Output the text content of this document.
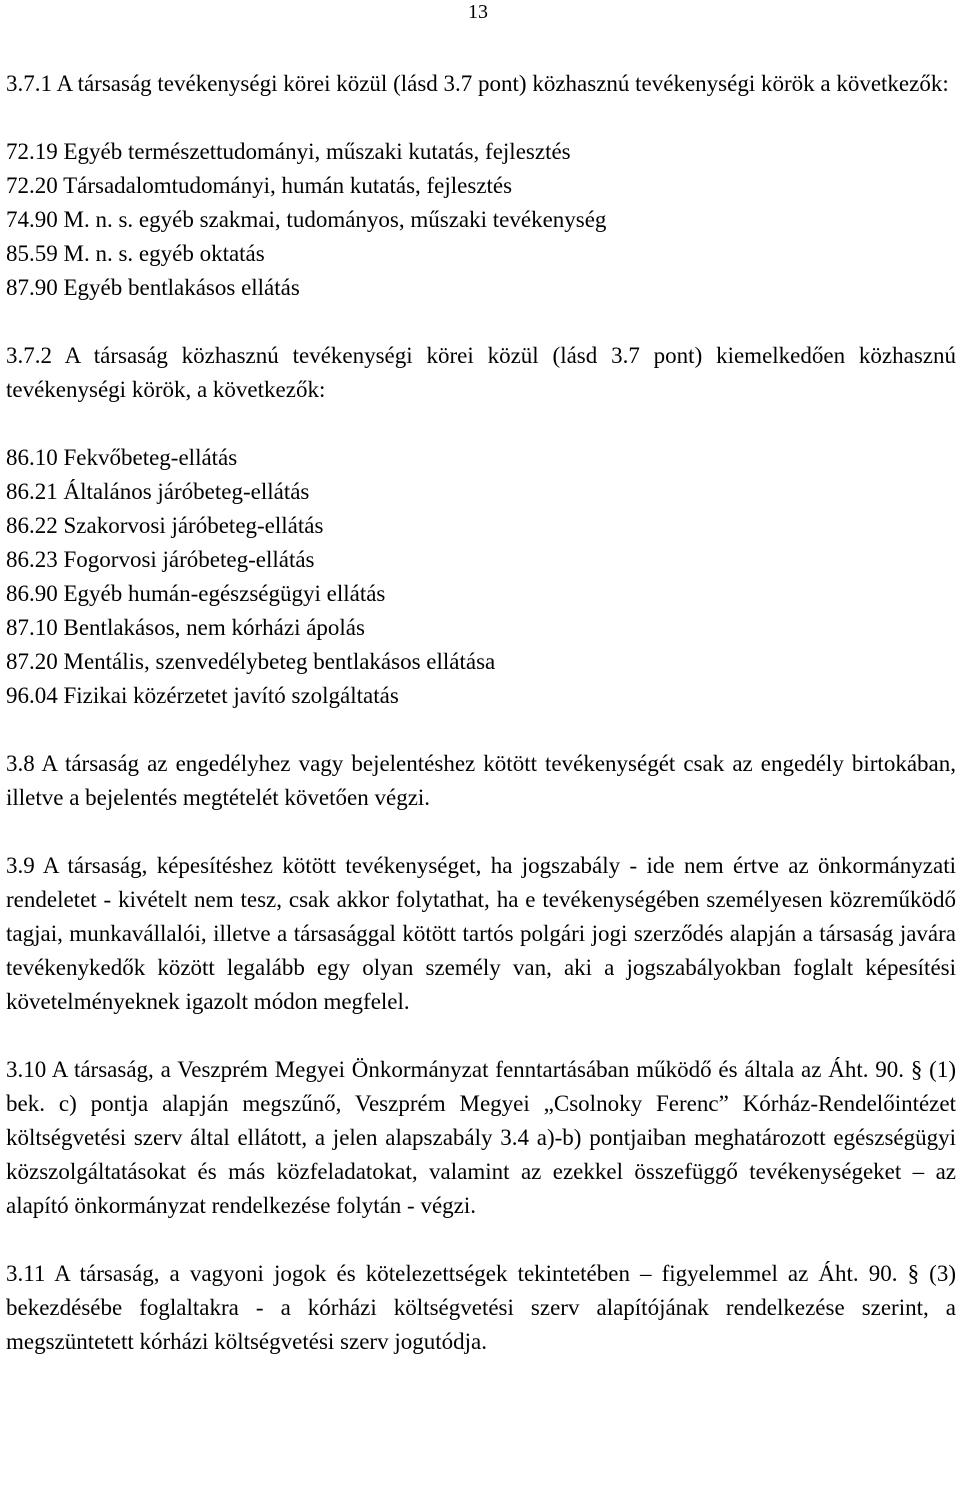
13

3.7.1 A társaság tevékenységi körei közül (lásd 3.7 pont) közhasznú tevékenységi körök a következők:

72.19 Egyéb természettudományi, műszaki kutatás, fejlesztés

72.20 Társadalomtudományi, humán kutatás, fejlesztés

74.90 M. n. s. egyéb szakmai, tudományos, műszaki tevékenység

85.59 M. n. s. egyéb oktatás

87.90 Egyéb bentlakásos ellátás

3.7.2 A társaság közhasznú tevékenységi körei közül (lásd 3.7 pont) kiemelkedően közhasznú tevékenységi körök, a következők:

86.10 Fekvőbeteg-ellátás

86.21 Általános járóbeteg-ellátás

86.22 Szakorvosi járóbeteg-ellátás

86.23 Fogorvosi járóbeteg-ellátás

86.90 Egyéb humán-egészségügyi ellátás

87.10 Bentlakásos, nem kórházi ápolás

87.20 Mentális, szenvedélybeteg bentlakásos ellátása

96.04 Fizikai közérzetet javító szolgáltatás

3.8 A társaság az engedélyhez vagy bejelentéshez kötött tevékenységét csak az engedély birtokában, illetve a bejelentés megtételét követően végzi.

3.9 A társaság, képesítéshez kötött tevékenységet, ha jogszabály - ide nem értve az önkormányzati rendeletet - kivételt nem tesz, csak akkor folytathat, ha e tevékenységében személyesen közreműködő tagjai, munkavállalói, illetve a társasággal kötött tartós polgári jogi szerződés alapján a társaság javára tevékenykedők között legalább egy olyan személy van, aki a jogszabályokban foglalt képesítési követelményeknek igazolt módon megfelel.

3.10 A társaság, a Veszprém Megyei Önkormányzat fenntartásában működő és általa az Áht. 90. § (1) bek. c) pontja alapján megszűnő, Veszprém Megyei „Csolnoky Ferenc” Kórház-Rendelőintézet költségvetési szerv által ellátott, a jelen alapszabály 3.4 a)-b) pontjaiban meghatározott egészségügyi közszolgáltatásokat és más közfeladatokat, valamint az ezekkel összefüggő tevékenységeket – az alapító önkormányzat rendelkezése folytán - végzi.

3.11 A társaság, a vagyoni jogok és kötelezettségek tekintetében – figyelemmel az Áht. 90. § (3) bekezdésébe foglaltakra - a kórházi költségvetési szerv alapítójának rendelkezése szerint, a megszüntetett kórházi költségvetési szerv jogutódja.
